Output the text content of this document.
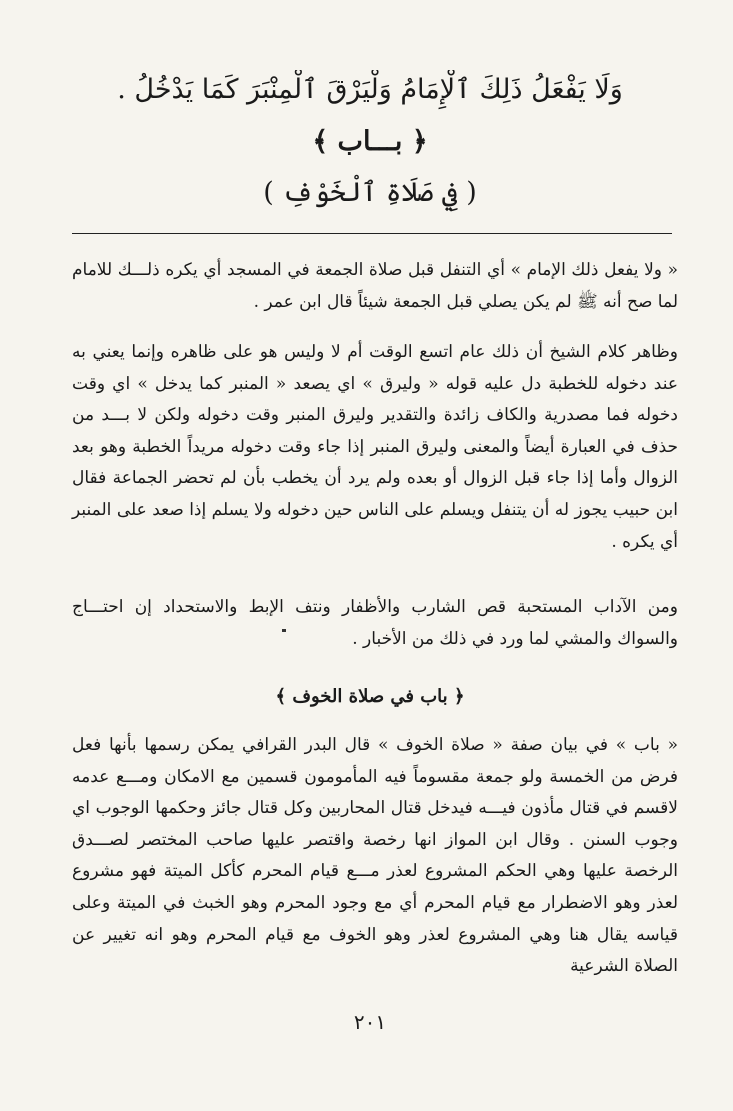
وَلَا يَفْعَلُ ذَلِكَ ٱلْإِمَامُ وَلْيَرْقَ ٱلْمِنْبَرَ كَمَا يَدْخُلُ .

﴿ بـــاب ﴾

( فِي صَلَاةِ ٱلْخَوْفِ )

« ولا يفعل ذلك الإمام » أي التنفل قبل صلاة الجمعة في المسجد أي يكره ذلـــك للامام لما صح أنه ﷺ لم يكن يصلي قبل الجمعة شيئاً قال ابن عمر .

وظاهر كلام الشيخ أن ذلك عام اتسع الوقت أم لا وليس هو على ظاهره وإنما يعني به عند دخوله للخطبة دل عليه قوله « وليرق » اي يصعد « المنبر كما يدخل » اي وقت دخوله فما مصدرية والكاف زائدة والتقدير وليرق المنبر وقت دخوله ولكن لا بـــد من حذف في العبارة أيضاً والمعنى وليرق المنبر إذا جاء وقت دخوله مريداً الخطبة وهو بعد الزوال وأما إذا جاء قبل الزوال أو بعده ولم يرد أن يخطب بأن لم تحضر الجماعة فقال ابن حبيب يجوز له أن يتنفل ويسلم على الناس حين دخوله ولا يسلم إذا صعد على المنبر أي يكره .

ومن الآداب المستحبة قص الشارب والأظفار ونتف الإبط والاستحداد إن احتـــاج والسواك والمشي لما ورد في ذلك من الأخبار .

﴿ باب في صلاة الخوف ﴾

« باب » في بيان صفة « صلاة الخوف » قال البدر القرافي يمكن رسمها بأنها فعل فرض من الخمسة ولو جمعة مقسوماً فيه المأمومون قسمين مع الامكان ومـــع عدمه لاقسم في قتال مأذون فيـــه فيدخل قتال المحاربين وكل قتال جائز وحكمها الوجوب اي وجوب السنن . وقال ابن المواز انها رخصة واقتصر عليها صاحب المختصر لصـــدق الرخصة عليها وهي الحكم المشروع لعذر مـــع قيام المحرم كأكل الميتة فهو مشروع لعذر وهو الاضطرار مع قيام المحرم أي مع وجود المحرم وهو الخبث في الميتة وعلى قياسه يقال هنا وهي المشروع لعذر وهو الخوف مع قيام المحرم وهو انه تغيير عن الصلاة الشرعية

٢٠١
